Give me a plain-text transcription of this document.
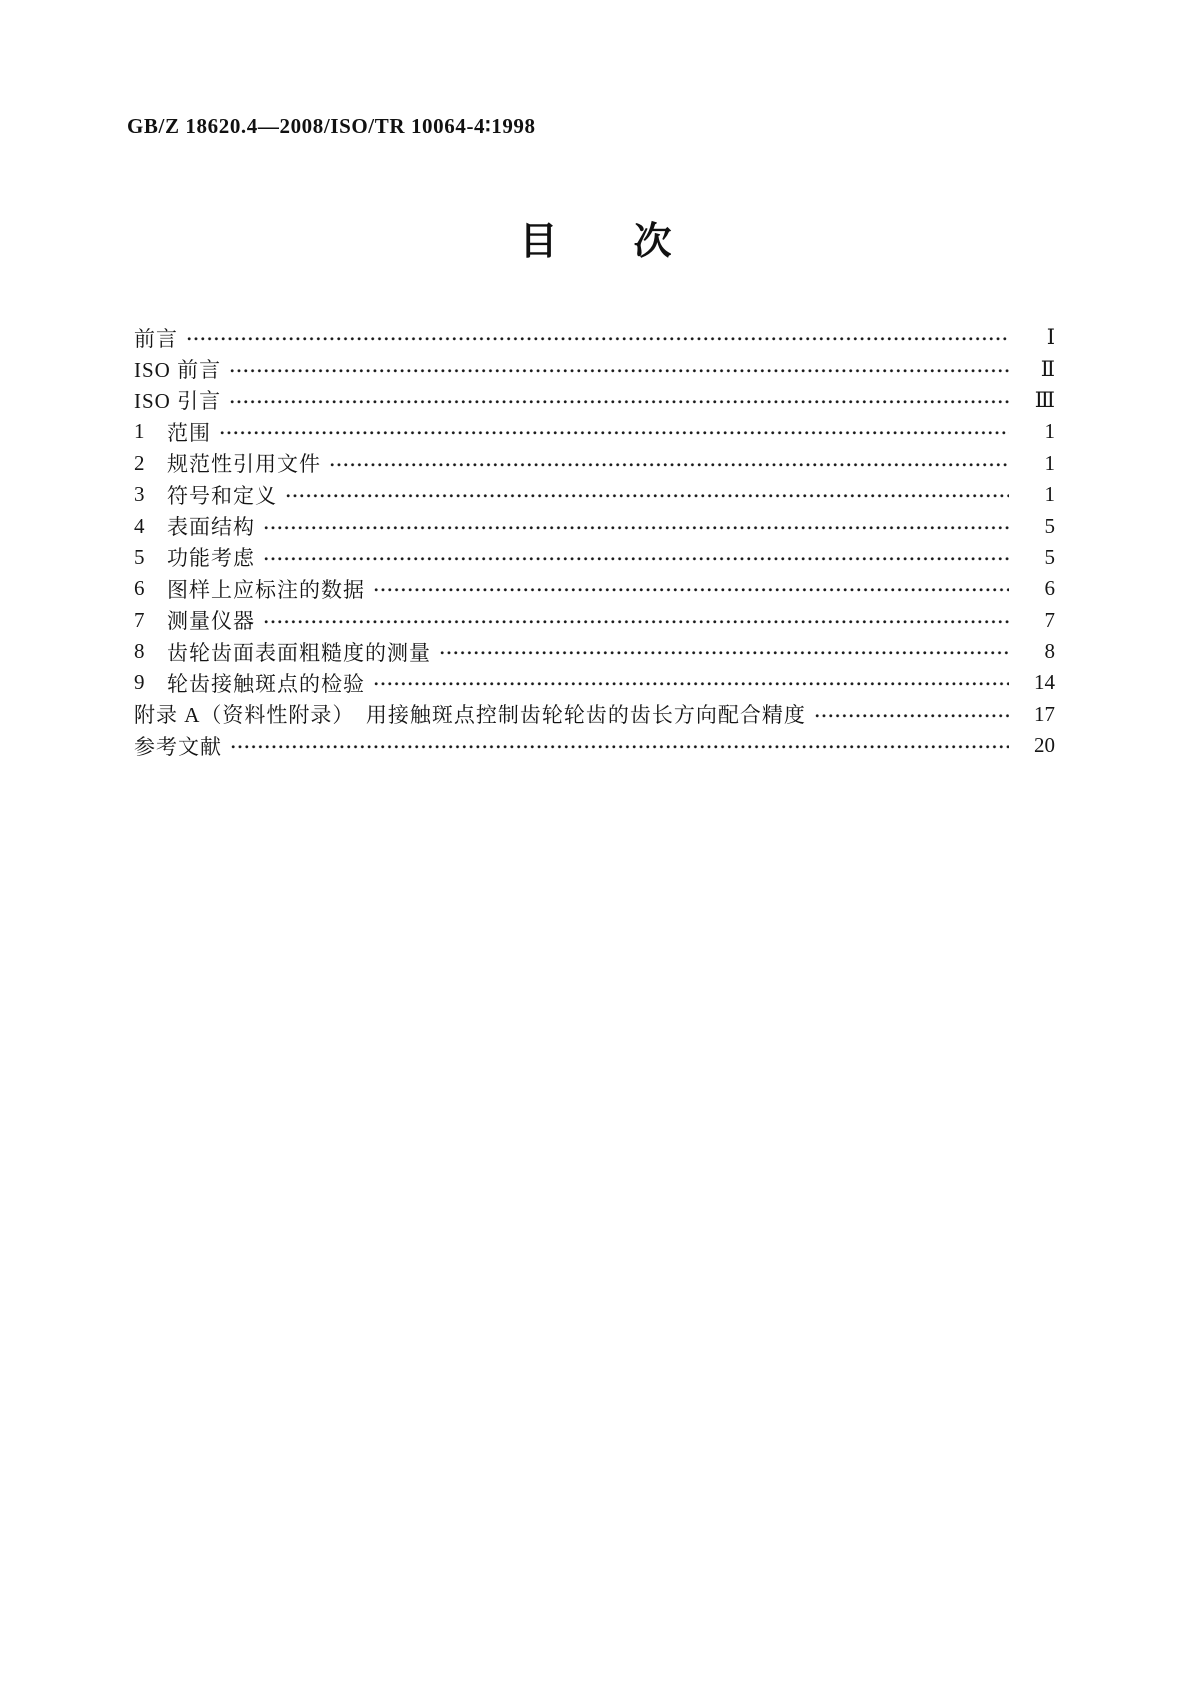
GB/Z 18620.4—2008/ISO/TR 10064-4∶1998
目次
前言	Ⅰ
ISO 前言	Ⅱ
ISO 引言	Ⅲ
1	范围	1
2	规范性引用文件	1
3	符号和定义	1
4	表面结构	5
5	功能考虑	5
6	图样上应标注的数据	6
7	测量仪器	7
8	齿轮齿面表面粗糙度的测量	8
9	轮齿接触斑点的检验	14
附录 A（资料性附录）　用接触斑点控制齿轮轮齿的齿长方向配合精度	17
参考文献	20
